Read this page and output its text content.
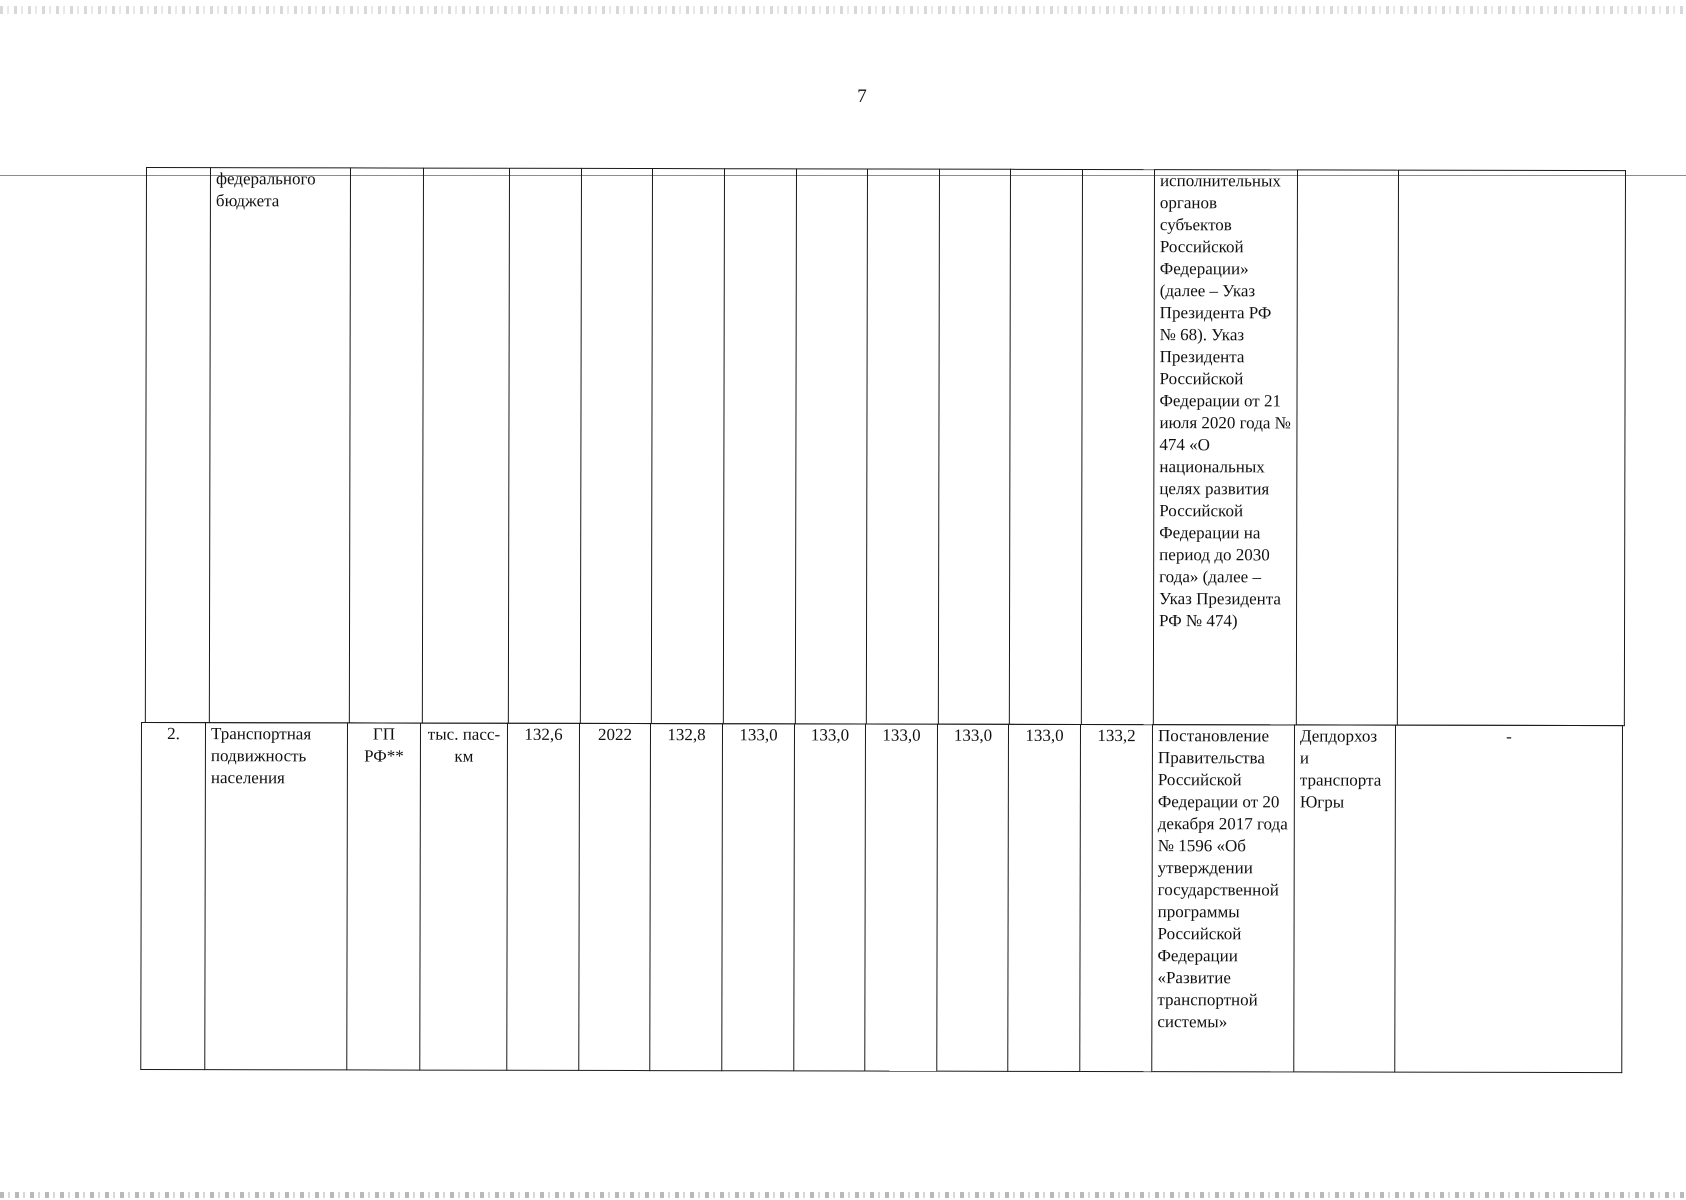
7
	федерального бюджета												исполнительных органов субъектов Российской Федерации» (далее – Указ Президента РФ № 68). Указ Президента Российской Федерации от 21 июля 2020 года № 474 «О национальных целях развития Российской Федерации на период до 2030 года» (далее – Указ Президента РФ № 474)		
2.	Транспортная подвижность населения	ГП РФ**	тыс. пасс-км	132,6	2022	132,8	133,0	133,0	133,0	133,0	133,0	133,2	Постановление Правительства Российской Федерации от 20 декабря 2017 года № 1596 «Об утверждении государственной программы Российской Федерации «Развитие транспортной системы»	Депдорхоз и транспорта Югры	-
